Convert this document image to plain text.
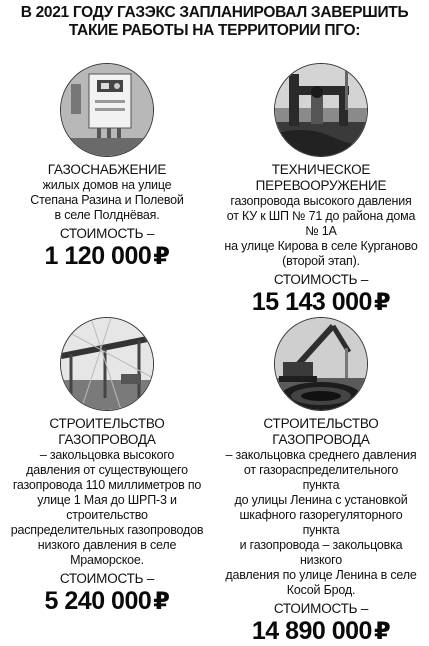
В 2021 ГОДУ ГАЗЭКС ЗАПЛАНИРОВАЛ ЗАВЕРШИТЬ
ТАКИЕ РАБОТЫ НА ТЕРРИТОРИИ ПГО:
ГАЗОСНАБЖЕНИЕ
жилых домов на улице
Степана Разина и Полевой
в селе Полднёвая.
СТОИМОСТЬ –
1 120 000₽
ТЕХНИЧЕСКОЕ ПЕРЕВООРУЖЕНИЕ
газопровода высокого давления
от КУ к ШП № 71 до района дома № 1А
на улице Кирова в селе Курганово
(второй этап).
СТОИМОСТЬ –
15 143 000₽
СТРОИТЕЛЬСТВО ГАЗОПРОВОДА
– закольцовка высокого
давления от существующего
газопровода 110 миллиметров по
улице 1 Мая до ШРП-3 и строительство
распределительных газопроводов
низкого давления в селе Мраморское.
СТОИМОСТЬ –
5 240 000₽
СТРОИТЕЛЬСТВО ГАЗОПРОВОДА
– закольцовка среднего давления
от газораспределительного пункта
до улицы Ленина с установкой
шкафного газорегуляторного пункта
и газопровода – закольцовка низкого
давления по улице Ленина в селе
Косой Брод.
СТОИМОСТЬ –
14 890 000₽
